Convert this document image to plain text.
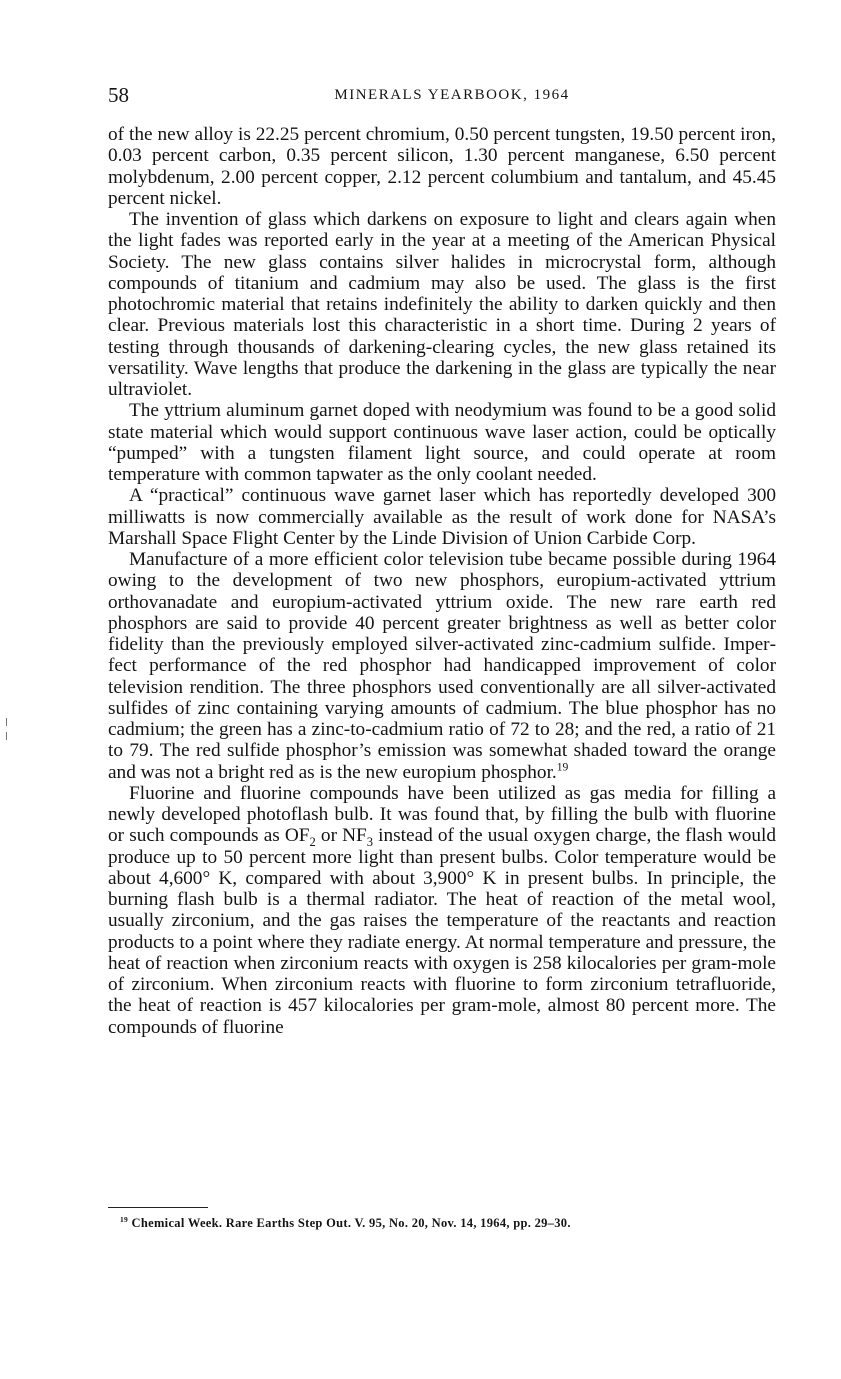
58	MINERALS YEARBOOK, 1964

of the new alloy is 22.25 percent chromium, 0.50 percent tungsten, 19.50 percent iron, 0.03 percent carbon, 0.35 percent silicon, 1.30 percent manganese, 6.50 percent molybdenum, 2.00 percent copper, 2.12 percent columbium and tantalum, and 45.45 percent nickel.

The invention of glass which darkens on exposure to light and clears again when the light fades was reported early in the year at a meeting of the American Physical Society. The new glass contains silver halides in microcrystal form, although compounds of titanium and cadmium may also be used. The glass is the first photochromic material that retains indefinitely the ability to darken quickly and then clear. Previous materials lost this characteristic in a short time. During 2 years of testing through thousands of darkening-clearing cycles, the new glass retained its versatility. Wave lengths that produce the darkening in the glass are typically the near ultraviolet.

The yttrium aluminum garnet doped with neodymium was found to be a good solid state material which would support continuous wave laser action, could be optically “pumped” with a tungsten filament light source, and could operate at room temperature with common tapwater as the only coolant needed.

A “practical” continuous wave garnet laser which has reportedly developed 300 milliwatts is now commercially available as the result of work done for NASA’s Marshall Space Flight Center by the Linde Division of Union Carbide Corp.

Manufacture of a more efficient color television tube became possible during 1964 owing to the development of two new phosphors, europium-activated yttrium orthovanadate and europium-activated yttrium oxide. The new rare earth red phosphors are said to provide 40 percent greater brightness as well as better color fidelity than the previously employed silver-activated zinc-cadmium sulfide. Imperfect performance of the red phosphor had handicapped improvement of color television rendition. The three phosphors used conventionally are all silver-activated sulfides of zinc containing varying amounts of cadmium. The blue phosphor has no cadmium; the green has a zinc-to-cadmium ratio of 72 to 28; and the red, a ratio of 21 to 79. The red sulfide phosphor’s emission was somewhat shaded toward the orange and was not a bright red as is the new europium phosphor.$^{19}$

Fluorine and fluorine compounds have been utilized as gas media for filling a newly developed photoflash bulb. It was found that, by filling the bulb with fluorine or such compounds as $OF_2$ or $NF_3$ instead of the usual oxygen charge, the flash would produce up to 50 percent more light than present bulbs. Color temperature would be about 4,600° K, compared with about 3,900° K in present bulbs. In principle, the burning flash bulb is a thermal radiator. The heat of reaction of the metal wool, usually zirconium, and the gas raises the temperature of the reactants and reaction products to a point where they radiate energy. At normal temperature and pressure, the heat of reaction when zirconium reacts with oxygen is 258 kilocalories per gram-mole of zirconium. When zirconium reacts with fluorine to form zirconium tetrafluoride, the heat of reaction is 457 kilocalories per gram-mole, almost 80 percent more. The compounds of fluorine

$^{19}$ Chemical Week. Rare Earths Step Out. V. 95, No. 20, Nov. 14, 1964, pp. 29–30.
